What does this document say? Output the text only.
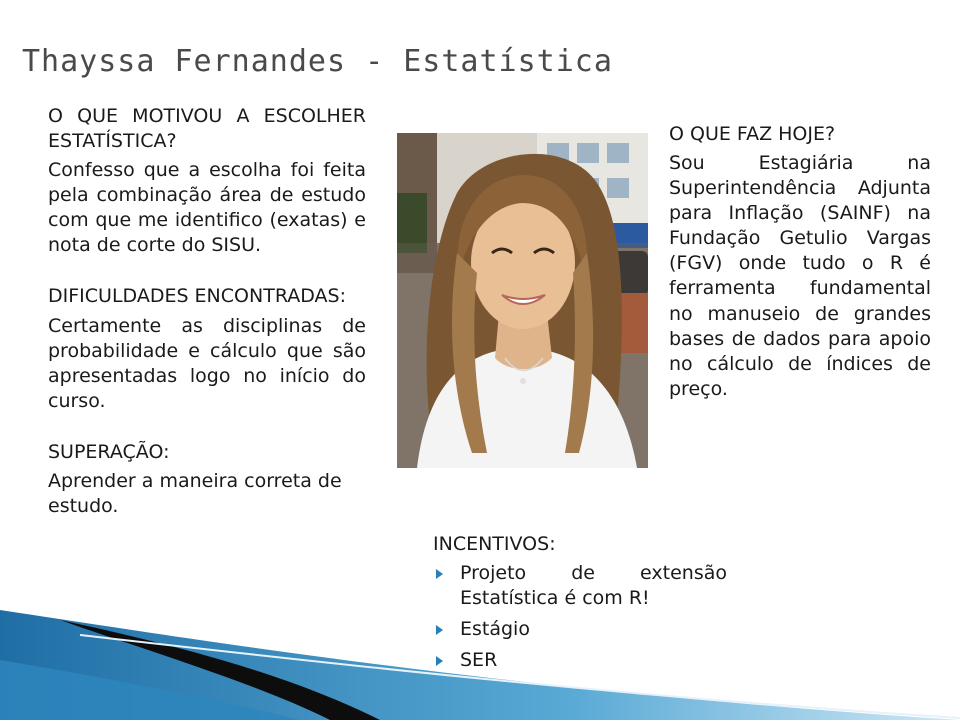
Thayssa Fernandes - Estatística

O QUE MOTIVOU A ESCOLHER ESTATÍSTICA?

Confesso que a escolha foi feita pela combinação área de estudo com que me identifico (exatas) e nota de corte do SISU.

DIFICULDADES ENCONTRADAS:

Certamente as disciplinas de probabilidade e cálculo que são apresentadas logo no início do curso.

SUPERAÇÃO:

Aprender a maneira correta de estudo.

O QUE FAZ HOJE?

Sou Estagiária na Superintendência Adjunta para Inflação (SAINF) na Fundação Getulio Vargas (FGV) onde tudo o R é ferramenta fundamental no manuseio de grandes bases de dados para apoio no cálculo de índices de preço.

INCENTIVOS:

Projeto de extensão Estatística é com R!
Estágio
SER
